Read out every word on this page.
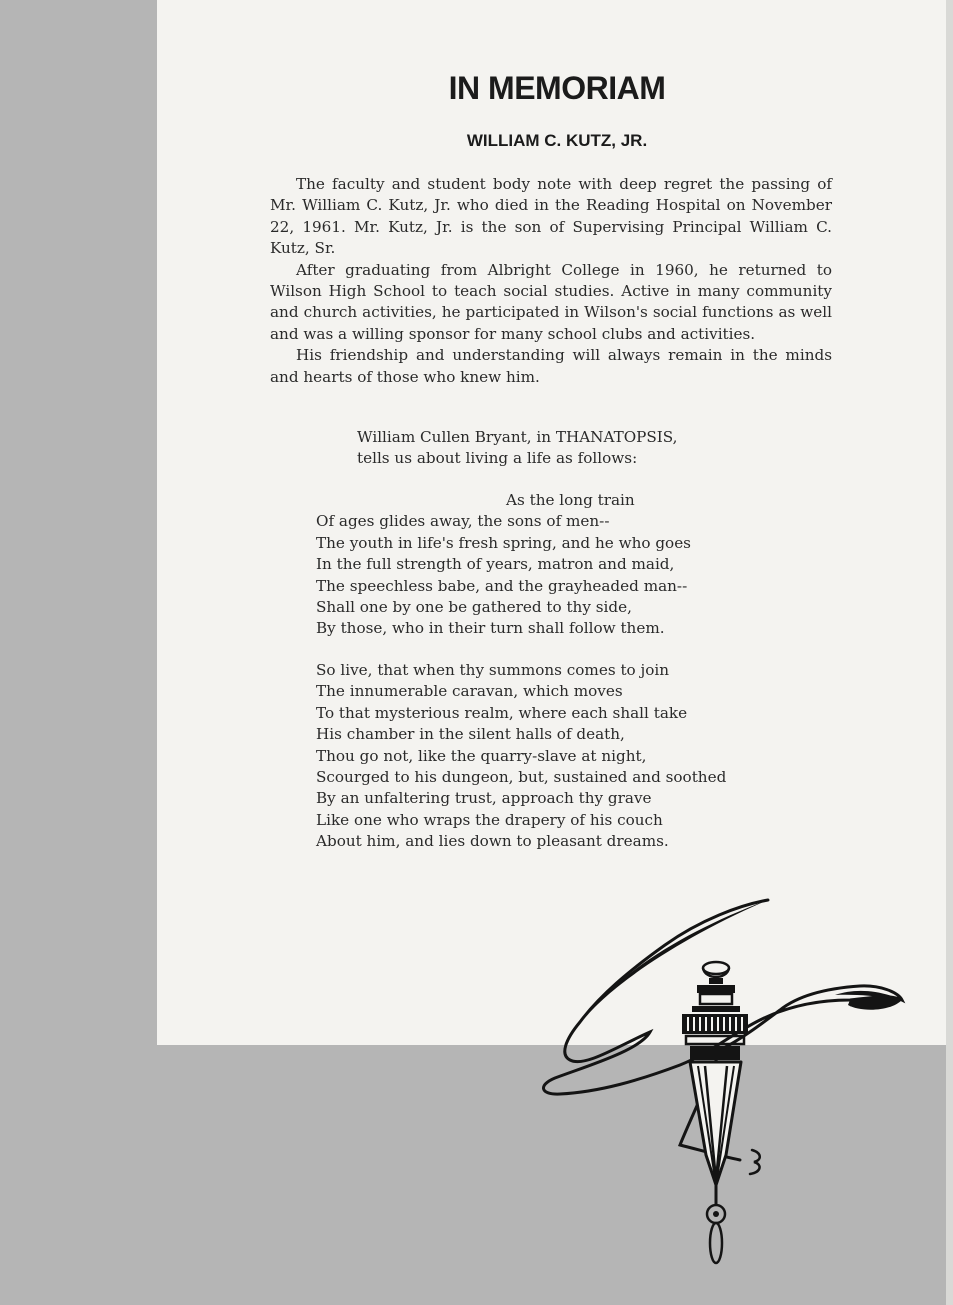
IN MEMORIAM
WILLIAM C. KUTZ, JR.

The faculty and student body note with deep regret the passing of Mr. William C. Kutz, Jr. who died in the Reading Hospital on November 22, 1961. Mr. Kutz, Jr. is the son of Supervising Principal William C. Kutz, Sr.

After graduating from Albright College in 1960, he returned to Wilson High School to teach social studies. Active in many community and church activities, he participated in Wilson's social functions as well and was a willing sponsor for many school clubs and activities.

His friendship and understanding will always remain in the minds and hearts of those who knew him.

William Cullen Bryant, in THANATOPSIS,
tells us about living a life as follows:
As the long train
Of ages glides away, the sons of men--
The youth in life's fresh spring, and he who goes
In the full strength of years, matron and maid,
The speechless babe, and the grayheaded man--
Shall one by one be gathered to thy side,
By those, who in their turn shall follow them.
So live, that when thy summons comes to join
The innumerable caravan, which moves
To that mysterious realm, where each shall take
His chamber in the silent halls of death,
Thou go not, like the quarry-slave at night,
Scourged to his dungeon, but, sustained and soothed
By an unfaltering trust, approach thy grave
Like one who wraps the drapery of his couch
About him, and lies down to pleasant dreams.
